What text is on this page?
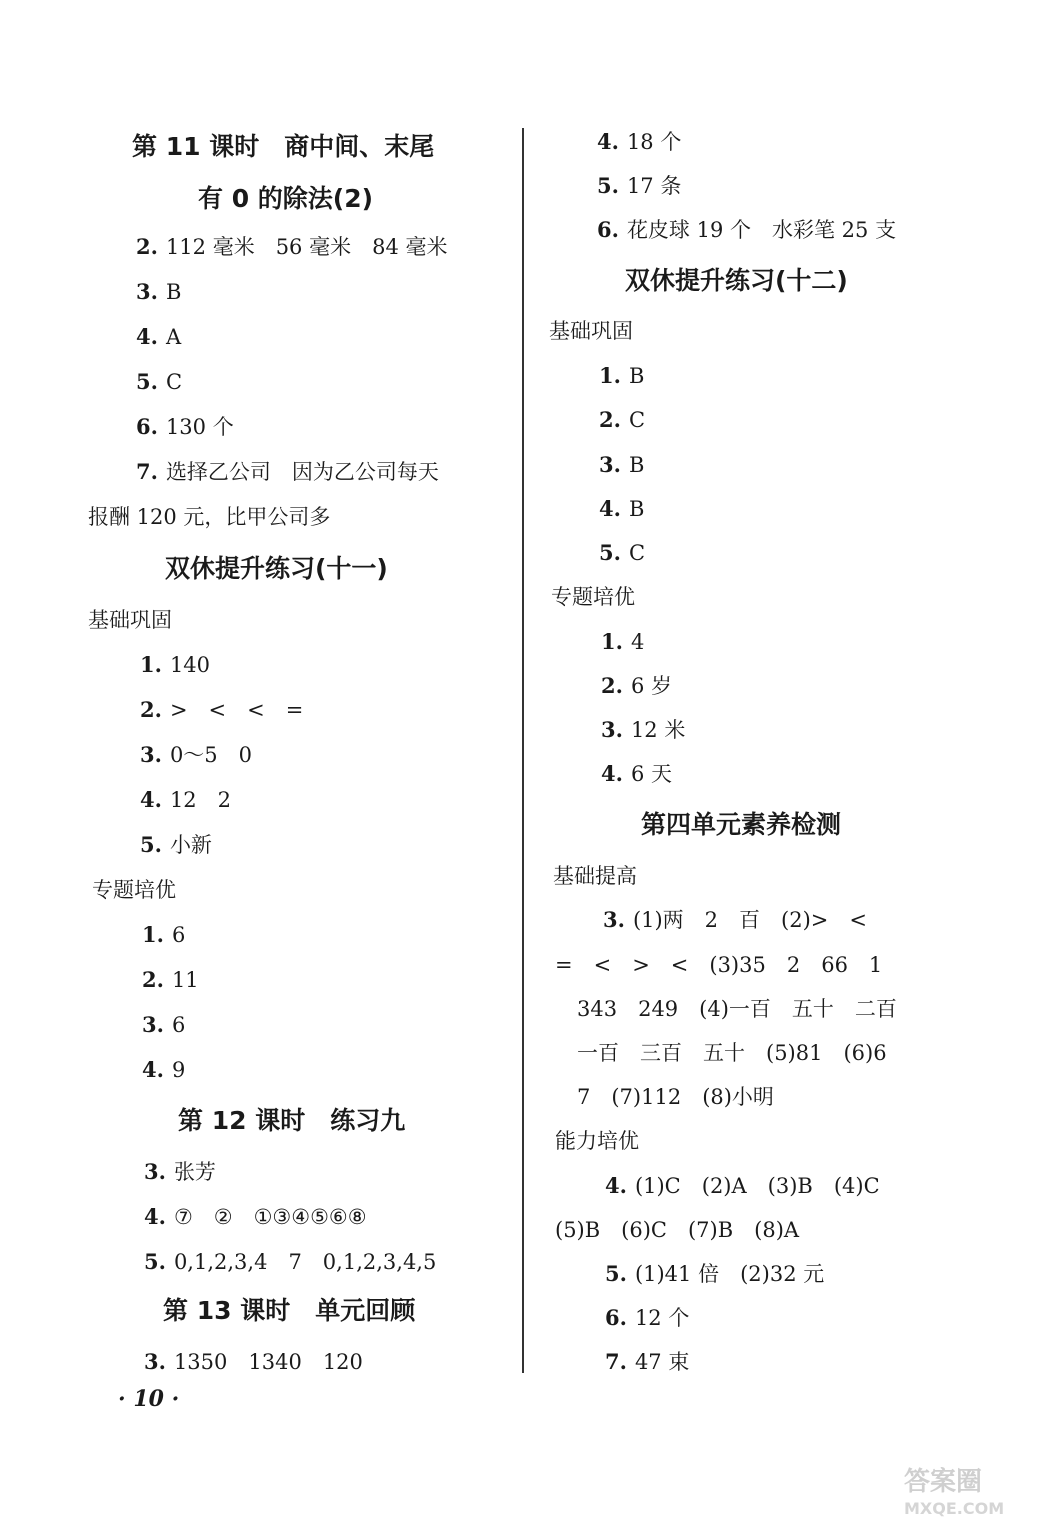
第 11 课时　商中间、末尾
有 0 的除法(2)
2. 112 毫米　56 毫米　84 毫米
3. B
4. A
5. C
6. 130 个
7. 选择乙公司　因为乙公司每天
报酬 120 元，比甲公司多
双休提升练习(十一)
基础巩固
1. 140
2. >　<　<　=
3. 0～5　0
4. 12　2
5. 小新
专题培优
1. 6
2. 11
3. 6
4. 9
第 12 课时　练习九
3. 张芳
4. ⑦　②　①③④⑤⑥⑧
5. 0,1,2,3,4　7　0,1,2,3,4,5
第 13 课时　单元回顾
3. 1350　1340　120
4. 18 个
5. 17 条
6. 花皮球 19 个　水彩笔 25 支
双休提升练习(十二)
基础巩固
1. B
2. C
3. B
4. B
5. C
专题培优
1. 4
2. 6 岁
3. 12 米
4. 6 天
第四单元素养检测
基础提高
3. (1)两　2　百　(2)>　<
=　<　>　<　(3)35　2　66　1
343　249　(4)一百　五十　二百
一百　三百　五十　(5)81　(6)6
7　(7)112　(8)小明
能力培优
4. (1)C　(2)A　(3)B　(4)C
(5)B　(6)C　(7)B　(8)A
5. (1)41 倍　(2)32 元
6. 12 个
7. 47 束
· 10 ·
答案圈
MXQE.COM
